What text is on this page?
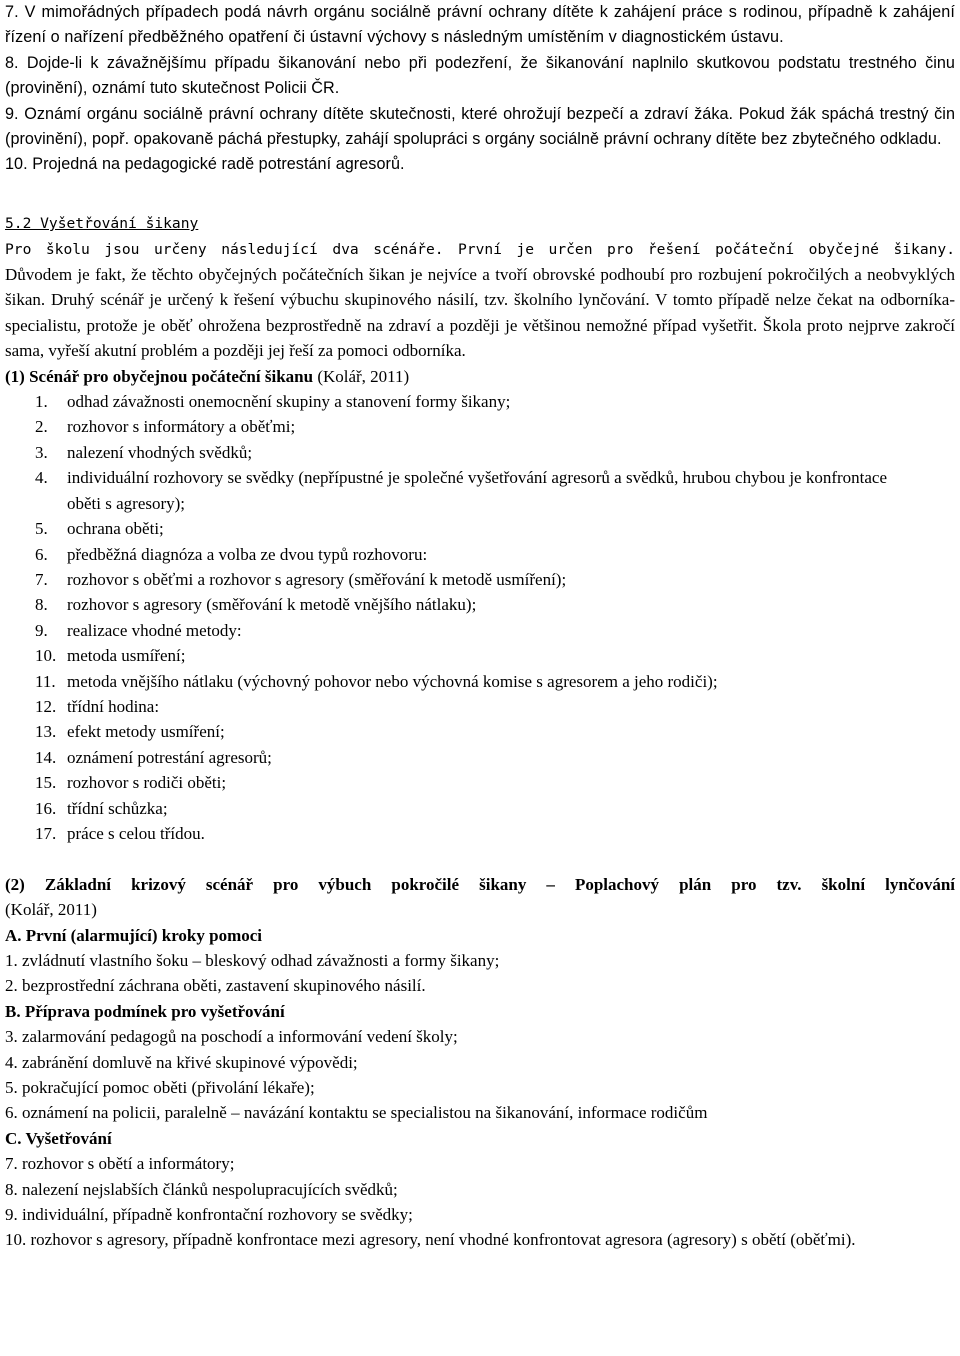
7. V mimořádných případech podá návrh orgánu sociálně právní ochrany dítěte k zahájení práce s rodinou, případně k zahájení řízení o nařízení předběžného opatření či ústavní výchovy s následným umístěním v diagnostickém ústavu.

8. Dojde-li k závažnějšímu případu šikanování nebo při podezření, že šikanování naplnilo skutkovou podstatu trestného činu (provinění), oznámí tuto skutečnost Policii ČR.

9. Oznámí orgánu sociálně právní ochrany dítěte skutečnosti, které ohrožují bezpečí a zdraví žáka. Pokud žák spáchá trestný čin (provinění), popř. opakovaně páchá přestupky, zahájí spolupráci s orgány sociálně právní ochrany dítěte bez zbytečného odkladu.

10. Projedná na pedagogické radě potrestání agresorů.

5.2 Vyšetřování šikany

Pro školu jsou určeny následující dva scénáře. První je určen pro řešení počáteční obyčejné šikany.

Důvodem je fakt, že těchto obyčejných počátečních šikan je nejvíce a tvoří obrovské podhoubí pro rozbujení pokročilých a neobvyklých šikan. Druhý scénář je určený k řešení výbuchu skupinového násilí, tzv. školního lynčování. V tomto případě nelze čekat na odborníka-specialistu, protože je oběť ohrožena bezprostředně na zdraví a později je většinou nemožné případ vyšetřit. Škola proto nejprve zakročí sama, vyřeší akutní problém a později jej řeší za pomoci odborníka.

(1) Scénář pro obyčejnou počáteční šikanu (Kolář, 2011)

1. odhad závažnosti onemocnění skupiny a stanovení formy šikany;
2. rozhovor s informátory a oběťmi;
3. nalezení vhodných svědků;
4. individuální rozhovory se svědky (nepřípustné je společné vyšetřování agresorů a svědků, hrubou chybou je konfrontace oběti s agresory);
5. ochrana oběti;
6. předběžná diagnóza a volba ze dvou typů rozhovoru:
7. rozhovor s oběťmi a rozhovor s agresory (směřování k metodě usmíření);
8. rozhovor s agresory (směřování k metodě vnějšího nátlaku);
9. realizace vhodné metody:
10. metoda usmíření;
11. metoda vnějšího nátlaku (výchovný pohovor nebo výchovná komise s agresorem a jeho rodiči);
12. třídní hodina:
13. efekt metody usmíření;
14. oznámení potrestání agresorů;
15. rozhovor s rodiči oběti;
16. třídní schůzka;
17. práce s celou třídou.

(2) Základní krizový scénář pro výbuch pokročilé šikany – Poplachový plán pro tzv. školní lynčování

(Kolář, 2011)

A. První (alarmující) kroky pomoci

1. zvládnutí vlastního šoku – bleskový odhad závažnosti a formy šikany;

2. bezprostřední záchrana oběti, zastavení skupinového násilí.

B. Příprava podmínek pro vyšetřování

3. zalarmování pedagogů na poschodí a informování vedení školy;

4. zabránění domluvě na křivé skupinové výpovědi;

5. pokračující pomoc oběti (přivolání lékaře);

6. oznámení na policii, paralelně – navázání kontaktu se specialistou na šikanování, informace rodičům

C. Vyšetřování

7. rozhovor s obětí a informátory;

8. nalezení nejslabších článků nespolupracujících svědků;

9. individuální, případně konfrontační rozhovory se svědky;

10. rozhovor s agresory, případně konfrontace mezi agresory, není vhodné konfrontovat agresora (agresory) s obětí (oběťmi).
